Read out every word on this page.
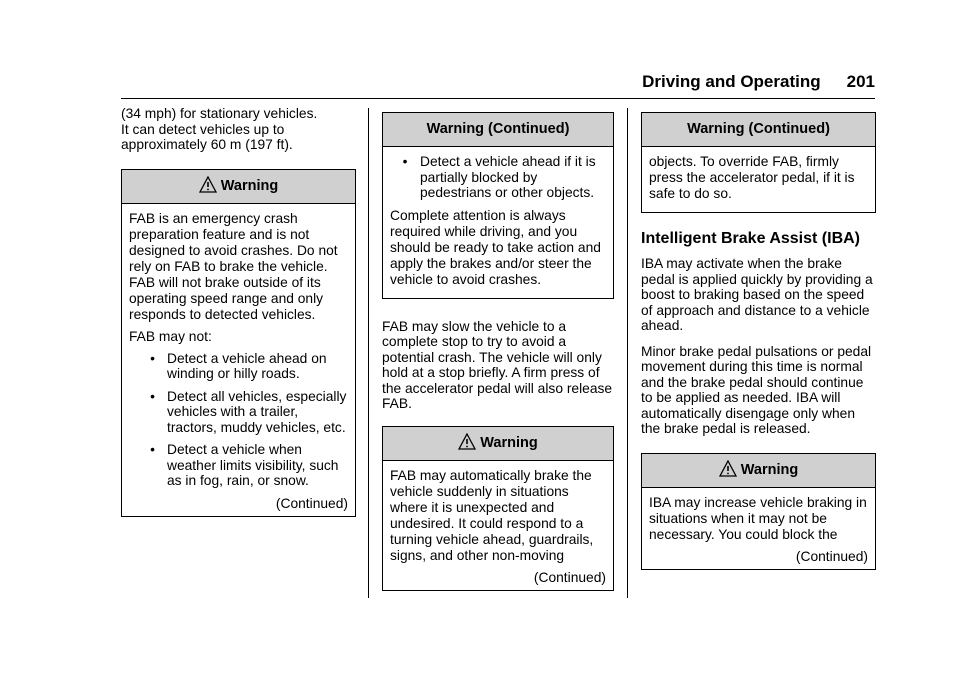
Driving and Operating 201

(34 mph) for stationary vehicles.
It can detect vehicles up to
approximately 60 m (197 ft).

Warning

FAB is an emergency crash preparation feature and is not designed to avoid crashes. Do not rely on FAB to brake the vehicle. FAB will not brake outside of its operating speed range and only responds to detected vehicles.

FAB may not:

• Detect a vehicle ahead on winding or hilly roads.
• Detect all vehicles, especially vehicles with a trailer, tractors, muddy vehicles, etc.
• Detect a vehicle when weather limits visibility, such as in fog, rain, or snow.
(Continued)
Warning (Continued)
• Detect a vehicle ahead if it is partially blocked by pedestrians or other objects.

Complete attention is always required while driving, and you should be ready to take action and apply the brakes and/or steer the vehicle to avoid crashes.

FAB may slow the vehicle to a complete stop to try to avoid a potential crash. The vehicle will only hold at a stop briefly. A firm press of the accelerator pedal will also release FAB.

Warning

FAB may automatically brake the vehicle suddenly in situations where it is unexpected and undesired. It could respond to a turning vehicle ahead, guardrails, signs, and other non-moving

(Continued)
Warning (Continued)

objects. To override FAB, firmly press the accelerator pedal, if it is safe to do so.

Intelligent Brake Assist (IBA)

IBA may activate when the brake pedal is applied quickly by providing a boost to braking based on the speed of approach and distance to a vehicle ahead.

Minor brake pedal pulsations or pedal movement during this time is normal and the brake pedal should continue to be applied as needed. IBA will automatically disengage only when the brake pedal is released.

Warning

IBA may increase vehicle braking in situations when it may not be necessary. You could block the

(Continued)
